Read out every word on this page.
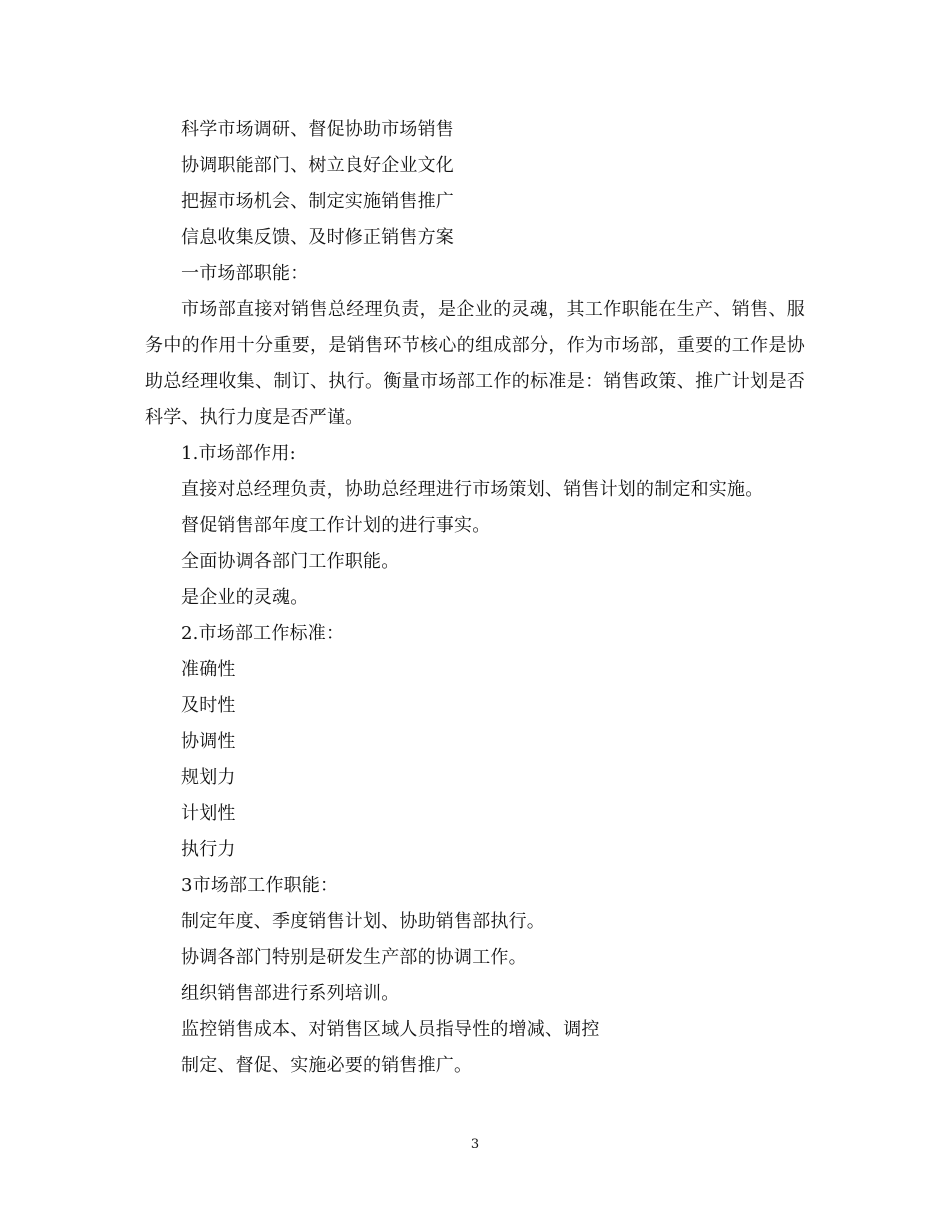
科学市场调研、督促协助市场销售

协调职能部门、树立良好企业文化

把握市场机会、制定实施销售推广

信息收集反馈、及时修正销售方案

一市场部职能：

市场部直接对销售总经理负责，是企业的灵魂，其工作职能在生产、销售、服务中的作用十分重要，是销售环节核心的组成部分，作为市场部，重要的工作是协助总经理收集、制订、执行。衡量市场部工作的标准是：销售政策、推广计划是否科学、执行力度是否严谨。

1.市场部作用:

直接对总经理负责，协助总经理进行市场策划、销售计划的制定和实施。

督促销售部年度工作计划的进行事实。

全面协调各部门工作职能。

是企业的灵魂。

2.市场部工作标准：

准确性

及时性

协调性

规划力

计划性

执行力

3市场部工作职能：

制定年度、季度销售计划、协助销售部执行。

协调各部门特别是研发生产部的协调工作。

组织销售部进行系列培训。

监控销售成本、对销售区域人员指导性的增减、调控

制定、督促、实施必要的销售推广。

3
